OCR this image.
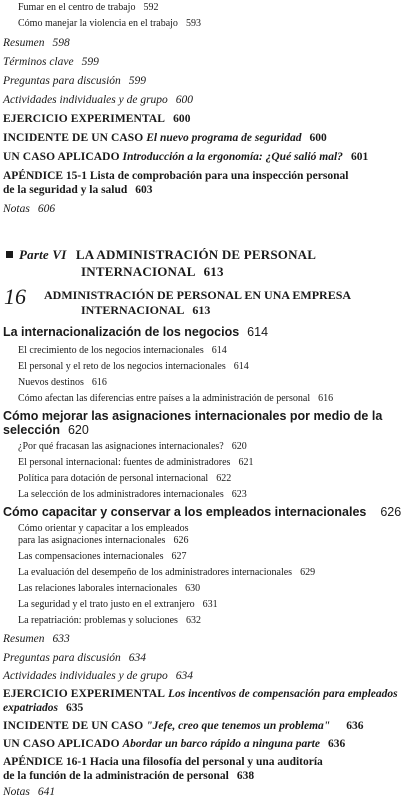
Fumar en el centro de trabajo 592
Cómo manejar la violencia en el trabajo 593
Resumen 598
Términos clave 599
Preguntas para discusión 599
Actividades individuales y de grupo 600
EJERCICIO EXPERIMENTAL 600
INCIDENTE DE UN CASO El nuevo programa de seguridad 600
UN CASO APLICADO Introducción a la ergonomía: ¿Qué salió mal? 601
APÉNDICE 15-1 Lista de comprobación para una inspección personal
de la seguridad y la salud 603
Notas 606
Parte VI LA ADMINISTRACIÓN DE PERSONAL
INTERNACIONAL 613
16 ADMINISTRACIÓN DE PERSONAL EN UNA EMPRESA
INTERNACIONAL 613
La internacionalización de los negocios 614
El crecimiento de los negocios internacionales 614
El personal y el reto de los negocios internacionales 614
Nuevos destinos 616
Cómo afectan las diferencias entre países a la administración de personal 616
Cómo mejorar las asignaciones internacionales por medio de la
selección 620
¿Por qué fracasan las asignaciones internacionales? 620
El personal internacional: fuentes de administradores 621
Política para dotación de personal internacional 622
La selección de los administradores internacionales 623
Cómo capacitar y conservar a los empleados internacionales 626
Cómo orientar y capacitar a los empleados
para las asignaciones internacionales 626
Las compensaciones internacionales 627
La evaluación del desempeño de los administradores internacionales 629
Las relaciones laborales internacionales 630
La seguridad y el trato justo en el extranjero 631
La repatriación: problemas y soluciones 632
Resumen 633
Preguntas para discusión 634
Actividades individuales y de grupo 634
EJERCICIO EXPERIMENTAL Los incentivos de compensación para empleados
expatriados 635
INCIDENTE DE UN CASO "Jefe, creo que tenemos un problema" 636
UN CASO APLICADO Abordar un barco rápido a ninguna parte 636
APÉNDICE 16-1 Hacia una filosofía del personal y una auditoría
de la función de la administración de personal 638
Notas 641
